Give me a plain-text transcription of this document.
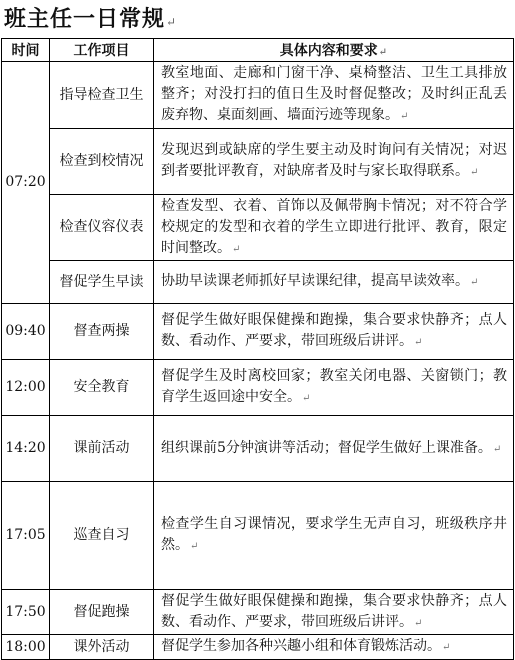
班主任一日常规↵
时间	工作项目	具体内容和要求↵
07:20	指导检查卫生	教室地面、走廊和门窗干净、桌椅整洁、卫生工具排放整齐；对没打扫的值日生及时督促整改；及时纠正乱丢废弃物、桌面刻画、墙面污迹等现象。↵
	检查到校情况	发现迟到或缺席的学生要主动及时询问有关情况；对迟到者要批评教育，对缺席者及时与家长取得联系。↵
	检查仪容仪表	检查发型、衣着、首饰以及佩带胸卡情况；对不符合学校规定的发型和衣着的学生立即进行批评、教育，限定时间整改。↵
	督促学生早读	协助早读课老师抓好早读课纪律，提高早读效率。↵
09:40	督查两操	督促学生做好眼保健操和跑操，集合要求快静齐；点人数、看动作、严要求，带回班级后讲评。↵
12:00	安全教育	督促学生及时离校回家；教室关闭电器、关窗锁门；教育学生返回途中安全。↵
14:20	课前活动	组织课前5分钟演讲等活动；督促学生做好上课准备。↵
17:05	巡查自习	检查学生自习课情况，要求学生无声自习，班级秩序井然。↵
17:50	督促跑操	督促学生做好眼保健操和跑操，集合要求快静齐；点人数、看动作、严要求，带回班级后讲评。↵
18:00	课外活动	督促学生参加各种兴趣小组和体育锻炼活动。↵
